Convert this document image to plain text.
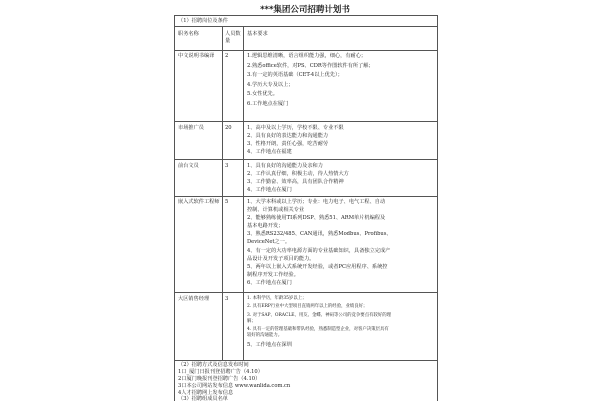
***集团公司招聘计划书
（1）招聘岗位及条件
职务名称	人员数量
基本要求
中文说明书编译	2	1.逻辑思维清晰，语言组织能力强，细心，有耐心；
2.熟悉office软件，对PS、CDR等作图软件有所了解；
3.有一定的英语基础（CET-4以上优先）；
4.学历大专及以上；
5.女性优先。
6.工作地点在厦门
市场推广员	20	1、高中及以上学历，学校不限、专业不限
2、具有良好的表达能力和沟通能力
3、性格开朗，责任心强，吃苦耐劳
4、工作地点在福建
前台文员	3	1、具有良好的沟通能力及亲和力
2、工作认真仔细，积极主动，待人热情大方
3、工作勤奋、效率高，具有团队合作精神
4、工作地点在厦门
嵌入式软件工程师 5	1、大学本科或以上学历；专业：电力电子、电气工程、自动
控制、计算机或相关专业
2、能够熟练使用TI系列DSP、熟悉51、ARM单片机编程及
基本电路开发；
3、熟悉RS232/485、CAN通讯，熟悉Modbus、Profibus、
DeviceNet之一。
4、有一定的大功率电源方面的专业基础知识，具备独立完成产
品设计及开发子项目的能力。
5、两年以上嵌入式系统开发经验，或者PC应用程序、系统控
制程序开发工作经验。
6、工作地点在厦门
大区销售经理	3	1. 本科学历，年龄35岁以上；
2. 具有ERP行业中大型项目直销两年以上的经验，业绩良好；
3. 对于SAP、ORACLE、用友、金蝶、神码等公司的竞争要点有较好的理
解；
4. 具有一定的管理基础和带队经验，熟悉制造型企业，对客户决策层具有
较好的沟通能力。
5、工作地点在深圳
（2）招聘方式及信息发布时间
1口_厦门日报刊登招聘广告（4.10）
2口厦门晚报刊登招聘广告（4.10）
3口本公司网站发布信息 www.wanlida.com.cn
4人才招聘网上发布信息
（3）招聘组成员名单
